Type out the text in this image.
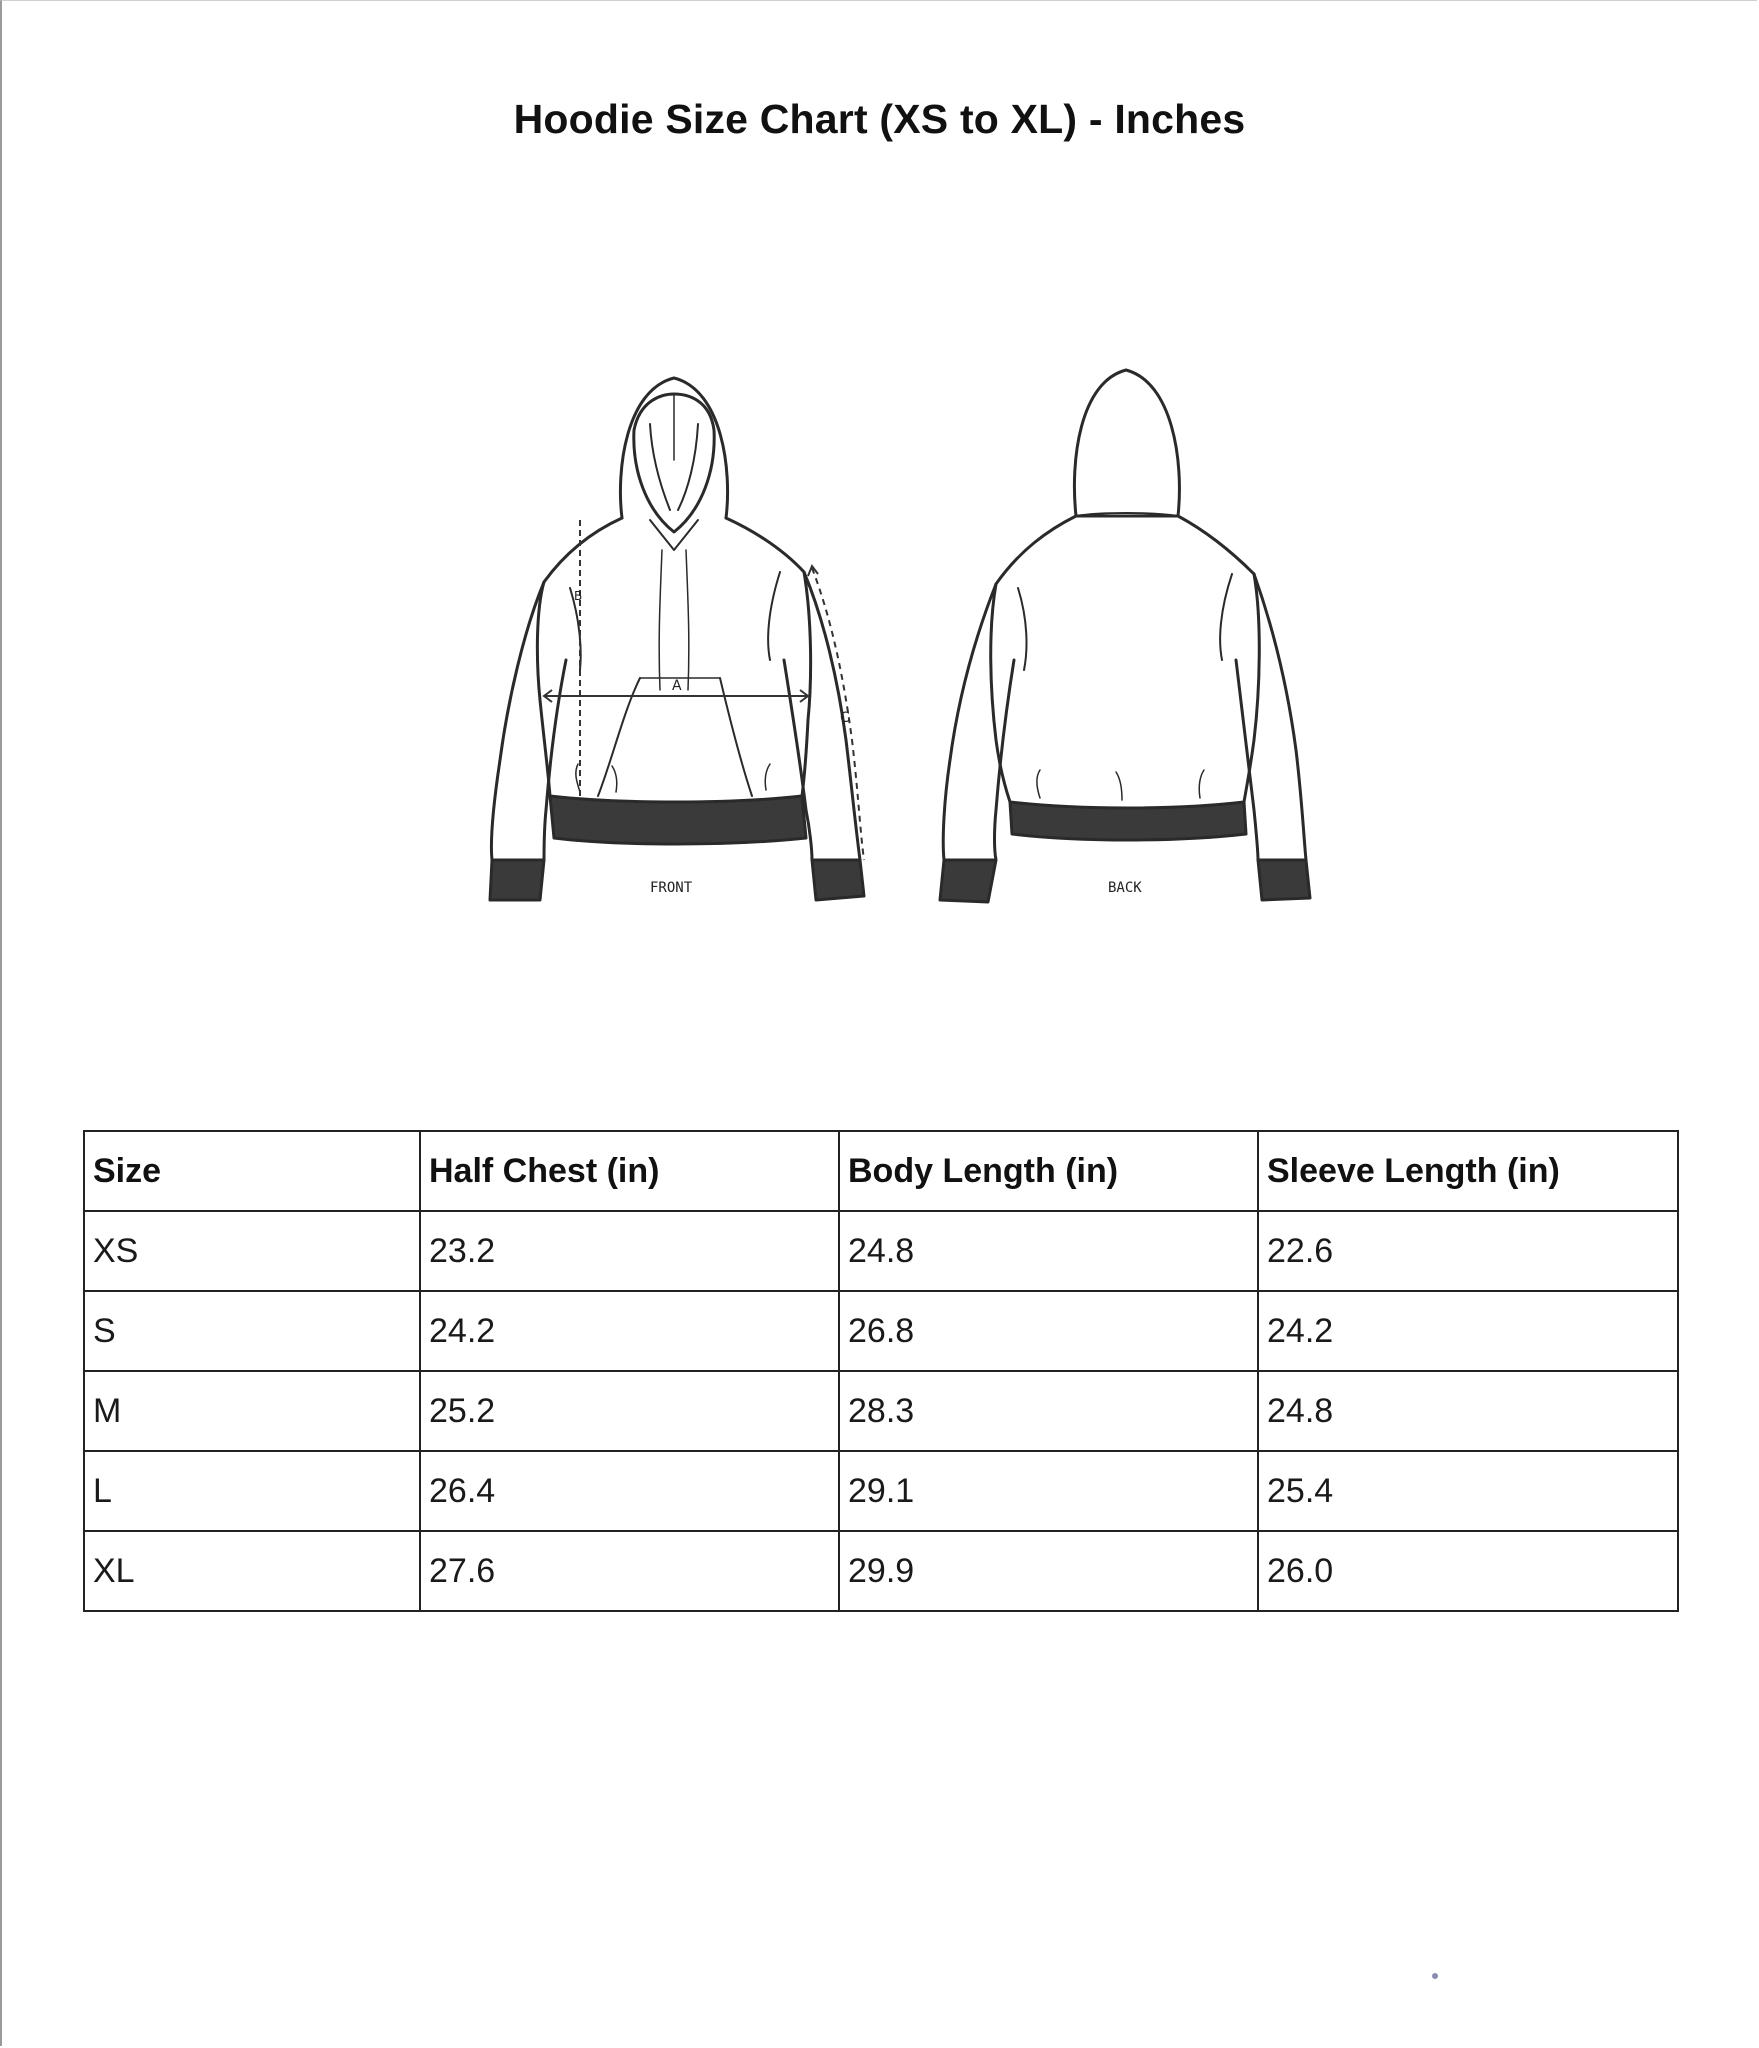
Hoodie Size Chart (XS to XL) - Inches
A
B
C
FRONT	BACK
Size	Half Chest (in)	Body Length (in)	Sleeve Length (in)
XS	23.2	24.8	22.6
S	24.2	26.8	24.2
M	25.2	28.3	24.8
L	26.4	29.1	25.4
XL	27.6	29.9	26.0
